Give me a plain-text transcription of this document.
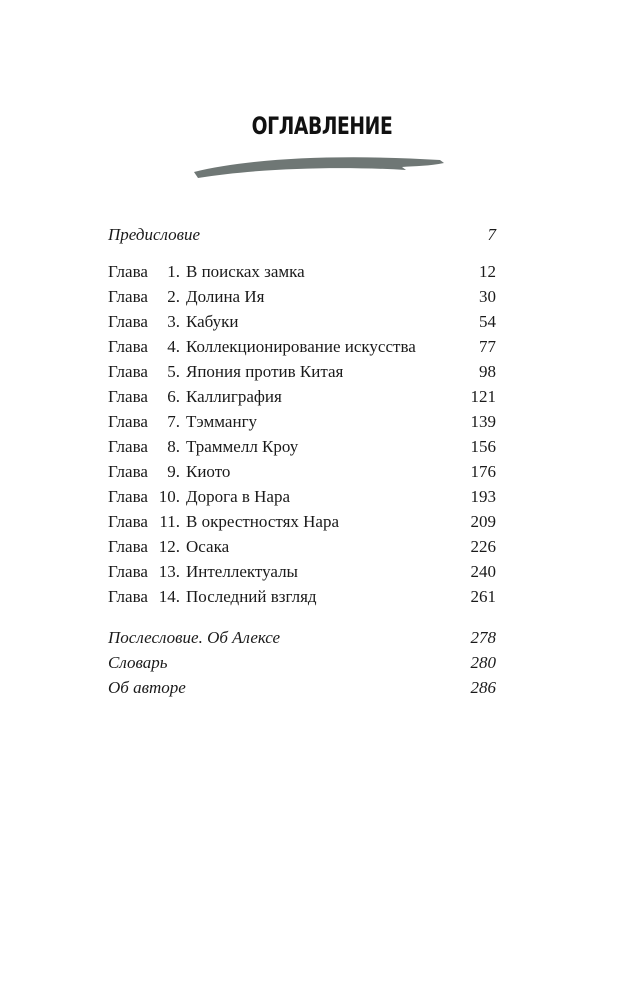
ОГЛАВЛЕНИЕ
Предисловие	7
Глава 1. В поисках замка	12
Глава 2. Долина Ия	30
Глава 3. Кабуки	54
Глава 4. Коллекционирование искусства	77
Глава 5. Япония против Китая	98
Глава 6. Каллиграфия	121
Глава 7. Тэммангу	139
Глава 8. Траммелл Кроу	156
Глава 9. Киото	176
Глава 10. Дорога в Нара	193
Глава 11. В окрестностях Нара	209
Глава 12. Осака	226
Глава 13. Интеллектуалы	240
Глава 14. Последний взгляд	261
Послесловие. Об Алексе	278
Словарь	280
Об авторе	286
